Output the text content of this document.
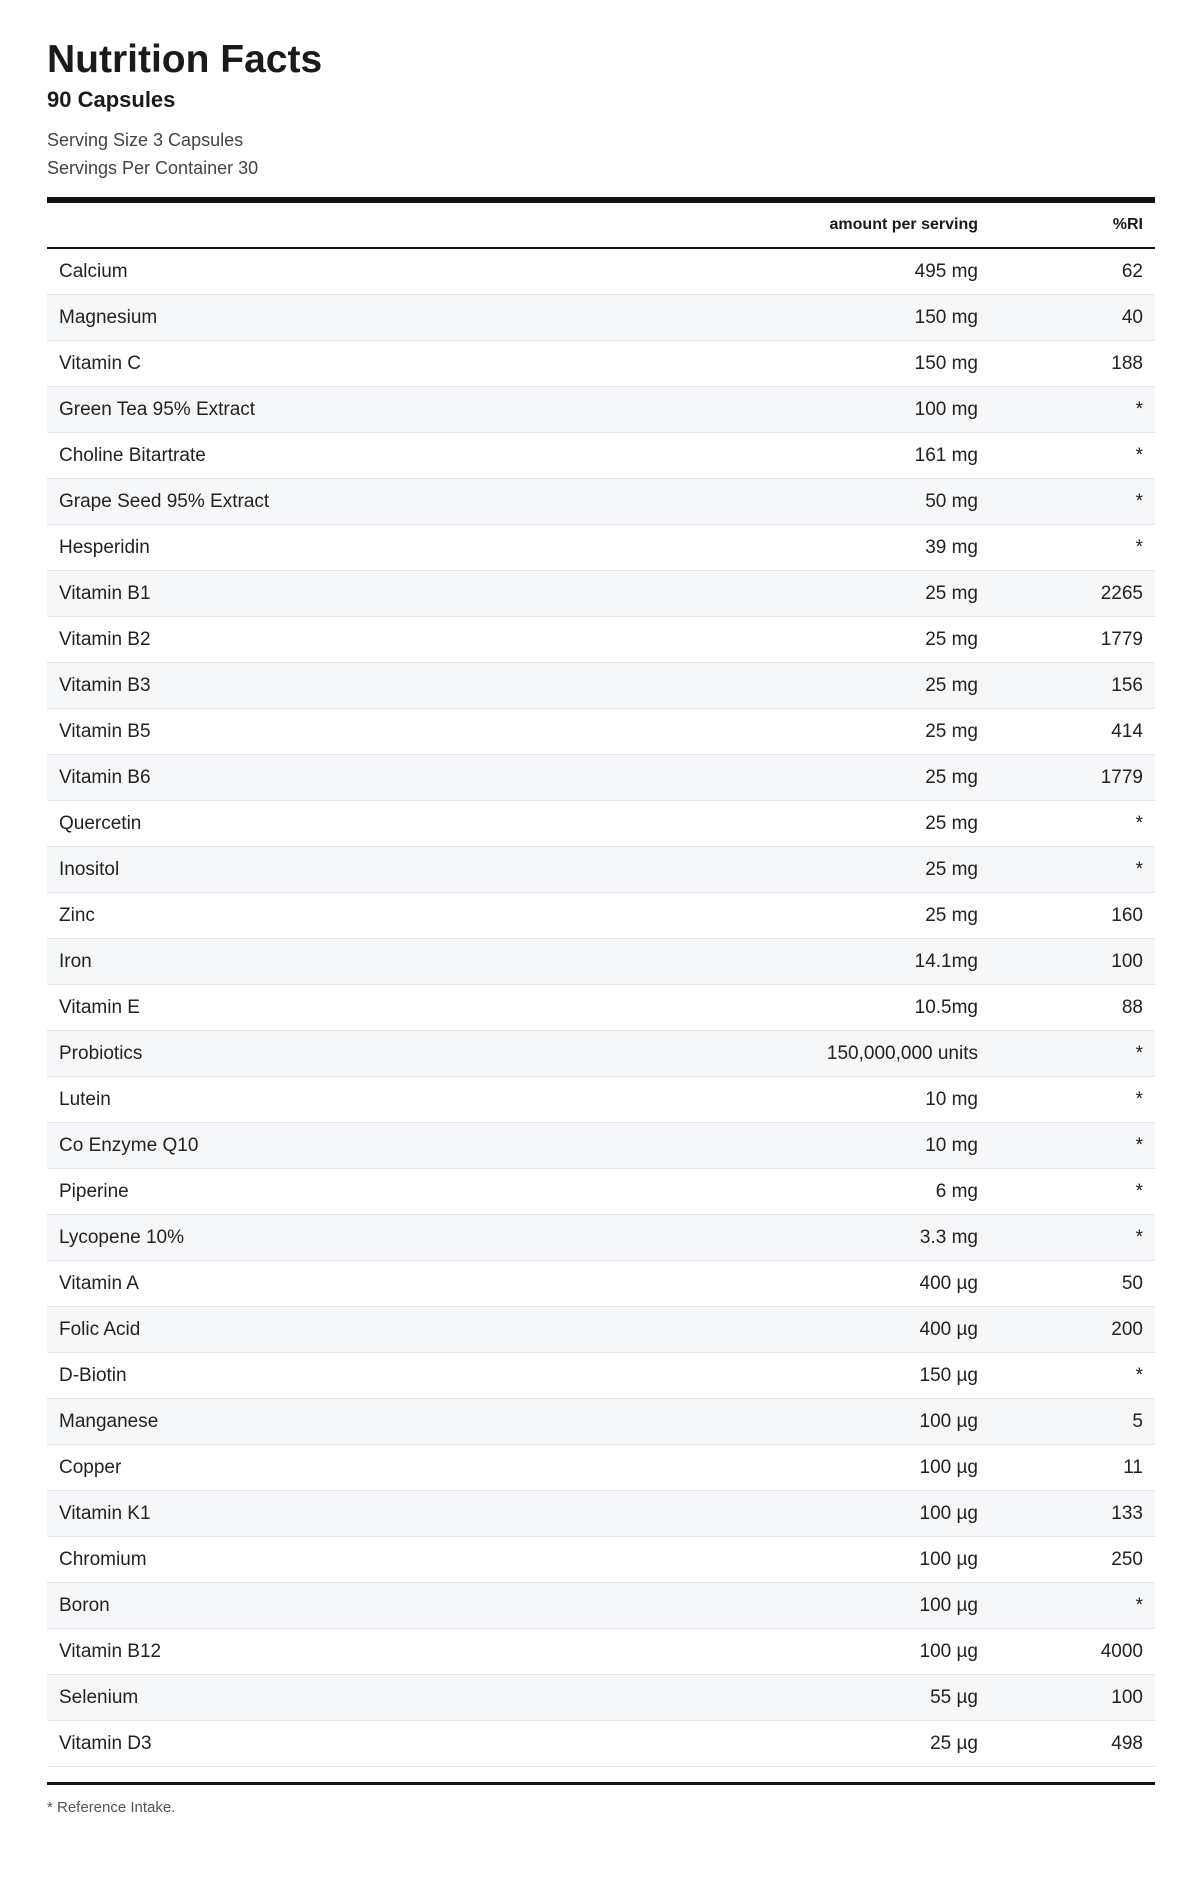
Nutrition Facts
90 Capsules
Serving Size 3 Capsules
Servings Per Container 30
amount per serving	%RI
Calcium	495 mg	62
Magnesium	150 mg	40
Vitamin C	150 mg	188
Green Tea 95% Extract	100 mg	*
Choline Bitartrate	161 mg	*
Grape Seed 95% Extract	50 mg	*
Hesperidin	39 mg	*
Vitamin B1	25 mg	2265
Vitamin B2	25 mg	1779
Vitamin B3	25 mg	156
Vitamin B5	25 mg	414
Vitamin B6	25 mg	1779
Quercetin	25 mg	*
Inositol	25 mg	*
Zinc	25 mg	160
Iron	14.1mg	100
Vitamin E	10.5mg	88
Probiotics	150,000,000 units	*
Lutein	10 mg	*
Co Enzyme Q10	10 mg	*
Piperine	6 mg	*
Lycopene 10%	3.3 mg	*
Vitamin A	400 µg	50
Folic Acid	400 µg	200
D-Biotin	150 µg	*
Manganese	100 µg	5
Copper	100 µg	11
Vitamin K1	100 µg	133
Chromium	100 µg	250
Boron	100 µg	*
Vitamin B12	100 µg	4000
Selenium	55 µg	100
Vitamin D3	25 µg	498
* Reference Intake.
